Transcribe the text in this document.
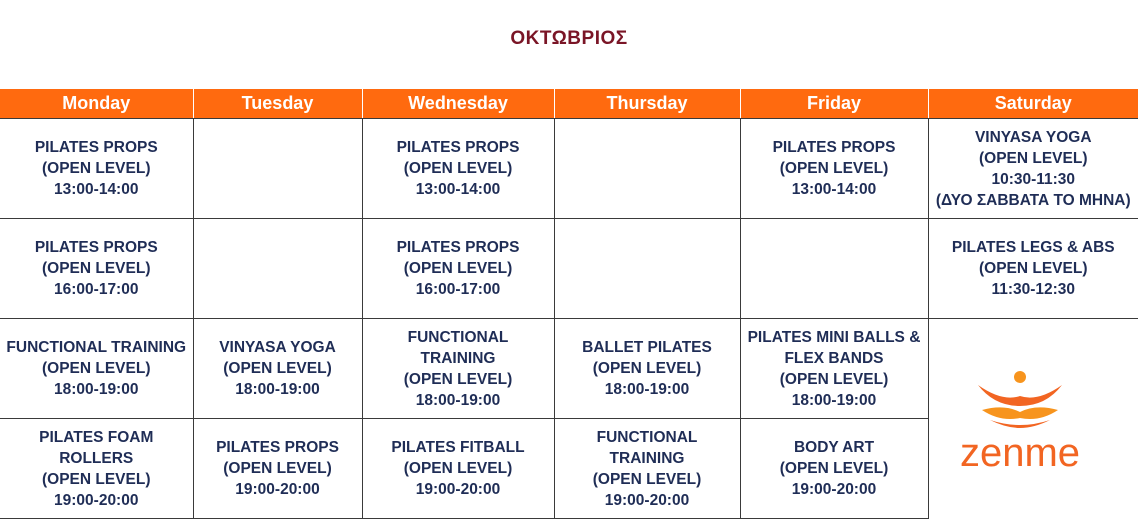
ΟΚΤΩΒΡΙΟΣ
Monday	Tuesday	Wednesday	Thursday	Friday	Saturday

PILATES PROPS
(OPEN LEVEL)
13:00-14:00		PILATES PROPS
(OPEN LEVEL)
13:00-14:00		PILATES PROPS
(OPEN LEVEL)
13:00-14:00	VINYASA YOGA
(OPEN LEVEL)
10:30-11:30
(ΔΥΟ ΣΑΒΒΑΤΑ ΤΟ ΜΗΝΑ)

PILATES PROPS
(OPEN LEVEL)
16:00-17:00		PILATES PROPS
(OPEN LEVEL)
16:00-17:00			PILATES LEGS & ABS
(OPEN LEVEL)
11:30-12:30

FUNCTIONAL TRAINING
(OPEN LEVEL)
18:00-19:00	VINYASA YOGA
(OPEN LEVEL)
18:00-19:00	FUNCTIONAL
TRAINING
(OPEN LEVEL)
18:00-19:00	BALLET PILATES
(OPEN LEVEL)
18:00-19:00	PILATES MINI BALLS &
FLEX BANDS
(OPEN LEVEL)
18:00-19:00	

PILATES FOAM
ROLLERS
(OPEN LEVEL)
19:00-20:00	PILATES PROPS
(OPEN LEVEL)
19:00-20:00	PILATES FITBALL
(OPEN LEVEL)
19:00-20:00	FUNCTIONAL
TRAINING
(OPEN LEVEL)
19:00-20:00	BODY ART
(OPEN LEVEL)
19:00-20:00	

zenme
